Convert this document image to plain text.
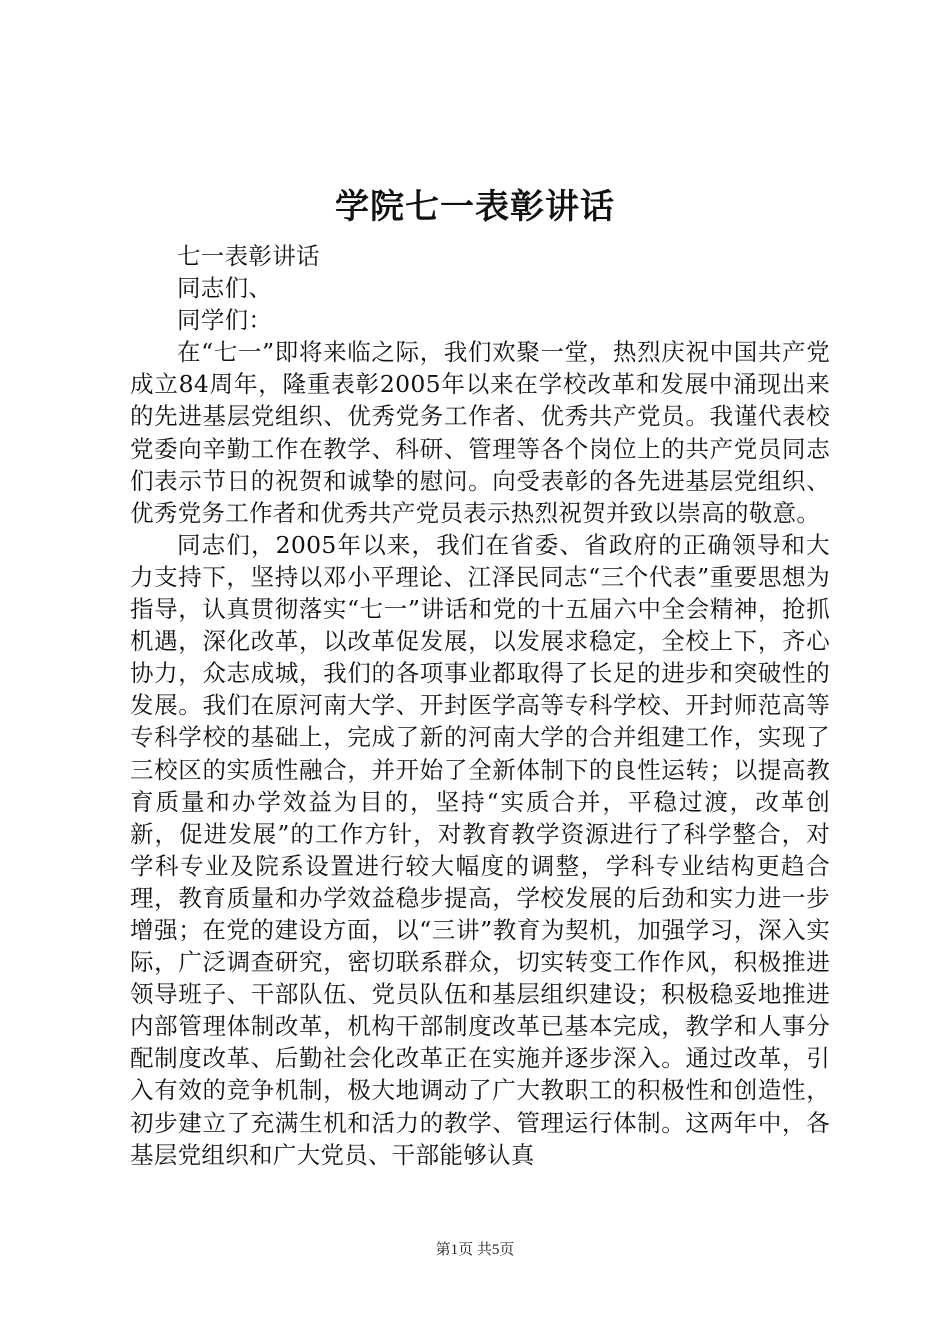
学院七一表彰讲话

七一表彰讲话

同志们、

同学们：

在“七一”即将来临之际，我们欢聚一堂，热烈庆祝中国共产党成立84周年，隆重表彰2005年以来在学校改革和发展中涌现出来的先进基层党组织、优秀党务工作者、优秀共产党员。我谨代表校党委向辛勤工作在教学、科研、管理等各个岗位上的共产党员同志们表示节日的祝贺和诚挚的慰问。向受表彰的各先进基层党组织、优秀党务工作者和优秀共产党员表示热烈祝贺并致以崇高的敬意。

同志们，2005年以来，我们在省委、省政府的正确领导和大力支持下，坚持以邓小平理论、江泽民同志“三个代表”重要思想为指导，认真贯彻落实“七一”讲话和党的十五届六中全会精神，抢抓机遇，深化改革，以改革促发展，以发展求稳定，全校上下，齐心协力，众志成城，我们的各项事业都取得了长足的进步和突破性的发展。我们在原河南大学、开封医学高等专科学校、开封师范高等专科学校的基础上，完成了新的河南大学的合并组建工作，实现了三校区的实质性融合，并开始了全新体制下的良性运转；以提高教育质量和办学效益为目的，坚持“实质合并，平稳过渡，改革创新，促进发展”的工作方针，对教育教学资源进行了科学整合，对学科专业及院系设置进行较大幅度的调整，学科专业结构更趋合理，教育质量和办学效益稳步提高，学校发展的后劲和实力进一步增强；在党的建设方面，以“三讲”教育为契机，加强学习，深入实际，广泛调查研究，密切联系群众，切实转变工作作风，积极推进领导班子、干部队伍、党员队伍和基层组织建设；积极稳妥地推进内部管理体制改革，机构干部制度改革已基本完成，教学和人事分配制度改革、后勤社会化改革正在实施并逐步深入。通过改革，引入有效的竞争机制，极大地调动了广大教职工的积极性和创造性，初步建立了充满生机和活力的教学、管理运行体制。这两年中，各基层党组织和广大党员、干部能够认真

第1页 共5页
